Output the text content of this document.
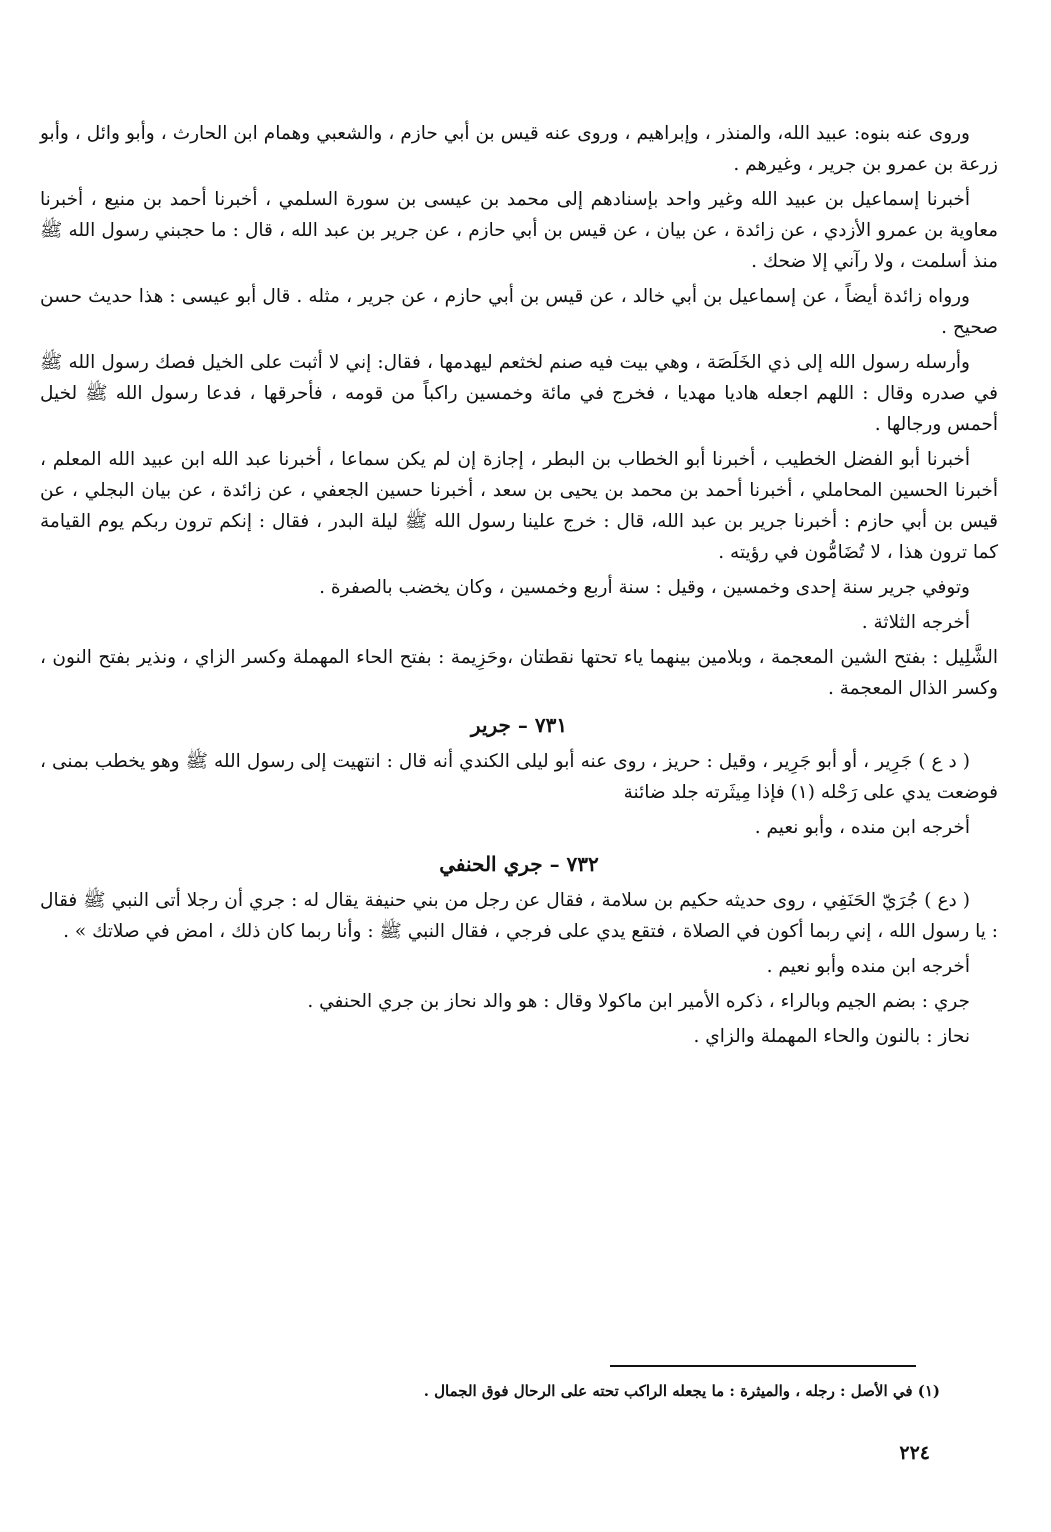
وروى عنه بنوه: عبيد الله، والمنذر ، وإبراهيم ، وروى عنه قيس بن أبي حازم ، والشعبي وهمام ابن الحارث ، وأبو وائل ، وأبو زرعة بن عمرو بن جرير ، وغيرهم .

أخبرنا إسماعيل بن عبيد الله وغير واحد بإسنادهم إلى محمد بن عيسى بن سورة السلمي ، أخبرنا أحمد بن منيع ، أخبرنا معاوية بن عمرو الأزدي ، عن زائدة ، عن بيان ، عن قيس بن أبي حازم ، عن جرير بن عبد الله ، قال : ما حجبني رسول الله ﷺ منذ أسلمت ، ولا رآني إلا ضحك .

ورواه زائدة أيضاً ، عن إسماعيل بن أبي خالد ، عن قيس بن أبي حازم ، عن جرير ، مثله . قال أبو عيسى : هذا حديث حسن صحيح .

وأرسله رسول الله إلى ذي الخَلَصَة ، وهي بيت فيه صنم لخثعم ليهدمها ، فقال: إني لا أثبت على الخيل فصك رسول الله ﷺ في صدره وقال : اللهم اجعله هاديا مهديا ، فخرج في مائة وخمسين راكباً من قومه ، فأحرقها ، فدعا رسول الله ﷺ لخيل أحمس ورجالها .

أخبرنا أبو الفضل الخطيب ، أخبرنا أبو الخطاب بن البطر ، إجازة إن لم يكن سماعا ، أخبرنا عبد الله ابن عبيد الله المعلم ، أخبرنا الحسين المحاملي ، أخبرنا أحمد بن محمد بن يحيى بن سعد ، أخبرنا حسين الجعفي ، عن زائدة ، عن بيان البجلي ، عن قيس بن أبي حازم : أخبرنا جرير بن عبد الله، قال : خرج علينا رسول الله ﷺ ليلة البدر ، فقال : إنكم ترون ربكم يوم القيامة كما ترون هذا ، لا تُضَامُّون في رؤيته .

وتوفي جرير سنة إحدى وخمسين ، وقيل : سنة أربع وخمسين ، وكان يخضب بالصفرة .

أخرجه الثلاثة .

الشَّلِيل : بفتح الشين المعجمة ، وبلامين بينهما ياء تحتها نقطتان ،وحَزِيمة : بفتح الحاء المهملة وكسر الزاي ، ونذير بفتح النون ، وكسر الذال المعجمة .

٧٣١ – جرير

( د ع ) جَرِير ، أو أبو جَرِير ، وقيل : حريز ، روى عنه أبو ليلى الكندي أنه قال : انتهيت إلى رسول الله ﷺ وهو يخطب بمنى ، فوضعت يدي على رَحْله (١) فإذا مِيثَرته جلد ضائنة

أخرجه ابن منده ، وأبو نعيم .

٧٣٢ – جري الحنفي

( دع ) جُرَيّ الحَنَفِي ، روى حديثه حكيم بن سلامة ، فقال عن رجل من بني حنيفة يقال له : جري أن رجلا أتى النبي ﷺ فقال : يا رسول الله ، إني ربما أكون في الصلاة ، فتقع يدي على فرجي ، فقال النبي ﷺ : وأنا ربما كان ذلك ، امض في صلاتك » .

أخرجه ابن منده وأبو نعيم .

جري : بضم الجيم وبالراء ، ذكره الأمير ابن ماكولا وقال : هو والد نحاز بن جري الحنفي .

نحاز : بالنون والحاء المهملة والزاي .

(١) في الأصل : رجله ، والميثرة : ما يجعله الراكب تحته على الرحال فوق الجمال .
٢٢٤
